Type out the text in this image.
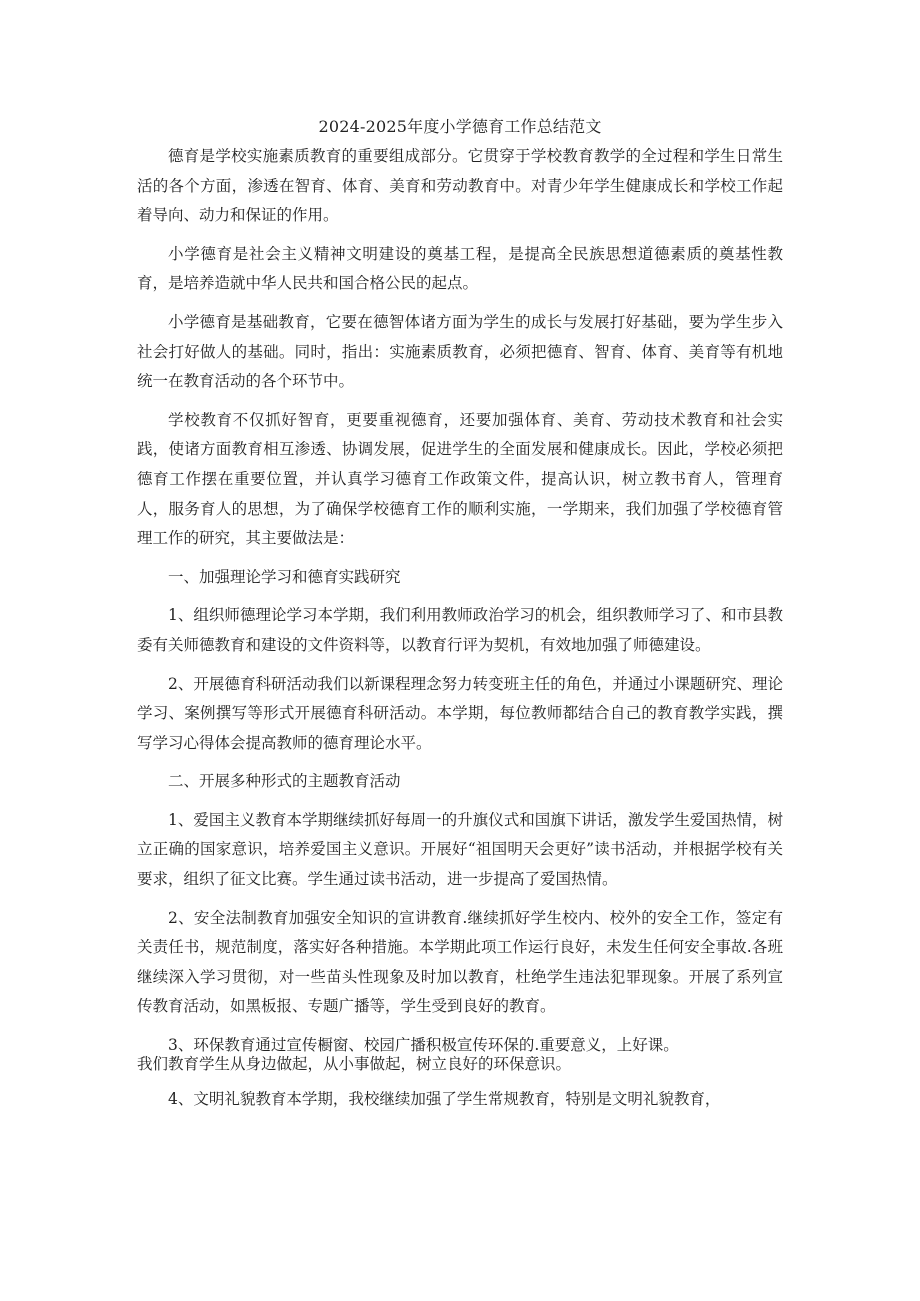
2024-2025年度小学德育工作总结范文

德育是学校实施素质教育的重要组成部分。它贯穿于学校教育教学的全过程和学生日常生活的各个方面，渗透在智育、体育、美育和劳动教育中。对青少年学生健康成长和学校工作起着导向、动力和保证的作用。

小学德育是社会主义精神文明建设的奠基工程，是提高全民族思想道德素质的奠基性教育，是培养造就中华人民共和国合格公民的起点。

小学德育是基础教育，它要在德智体诸方面为学生的成长与发展打好基础，要为学生步入社会打好做人的基础。同时，指出：实施素质教育，必须把德育、智育、体育、美育等有机地统一在教育活动的各个环节中。

学校教育不仅抓好智育，更要重视德育，还要加强体育、美育、劳动技术教育和社会实践，使诸方面教育相互渗透、协调发展，促进学生的全面发展和健康成长。因此，学校必须把德育工作摆在重要位置，并认真学习德育工作政策文件，提高认识，树立教书育人，管理育人，服务育人的思想，为了确保学校德育工作的顺利实施，一学期来，我们加强了学校德育管理工作的研究，其主要做法是：

一、加强理论学习和德育实践研究

1、组织师德理论学习本学期，我们利用教师政治学习的机会，组织教师学习了、和市县教委有关师德教育和建设的文件资料等，以教育行评为契机，有效地加强了师德建设。

2、开展德育科研活动我们以新课程理念努力转变班主任的角色，并通过小课题研究、理论学习、案例撰写等形式开展德育科研活动。本学期，每位教师都结合自己的教育教学实践，撰写学习心得体会提高教师的德育理论水平。

二、开展多种形式的主题教育活动

1、爱国主义教育本学期继续抓好每周一的升旗仪式和国旗下讲话，激发学生爱国热情，树立正确的国家意识，培养爱国主义意识。开展好“祖国明天会更好”读书活动，并根据学校有关要求，组织了征文比赛。学生通过读书活动，进一步提高了爱国热情。

2、安全法制教育加强安全知识的宣讲教育.继续抓好学生校内、校外的安全工作，签定有关责任书，规范制度，落实好各种措施。本学期此项工作运行良好，未发生任何安全事故.各班继续深入学习贯彻，对一些苗头性现象及时加以教育，杜绝学生违法犯罪现象。开展了系列宣传教育活动，如黑板报、专题广播等，学生受到良好的教育。

3、环保教育通过宣传橱窗、校园广播积极宣传环保的.重要意义，上好课。

我们教育学生从身边做起，从小事做起，树立良好的环保意识。

4、文明礼貌教育本学期，我校继续加强了学生常规教育，特别是文明礼貌教育，
